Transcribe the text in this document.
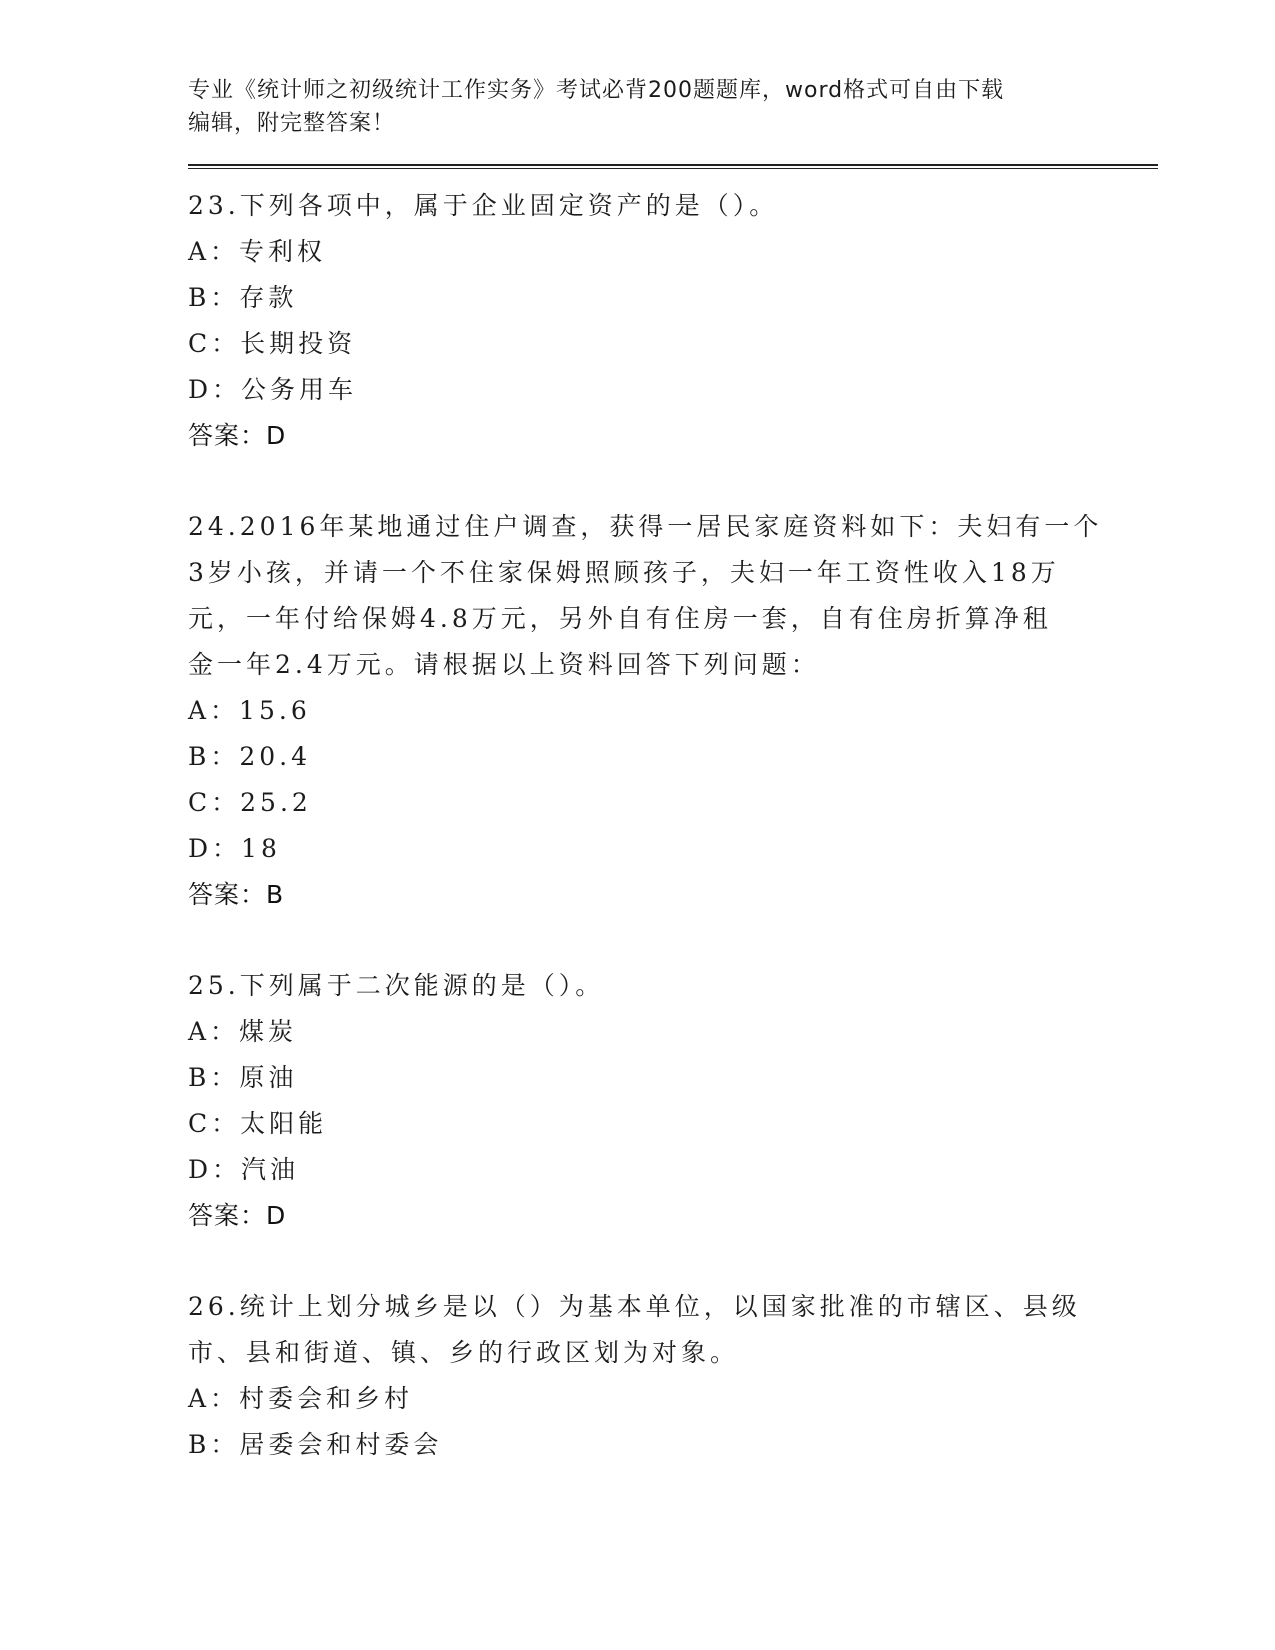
专业《统计师之初级统计工作实务》考试必背200题题库，word格式可自由下载
编辑，附完整答案！
23.下列各项中，属于企业固定资产的是（）。
A：专利权
B：存款
C：长期投资
D：公务用车
答案：D
24.2016年某地通过住户调查，获得一居民家庭资料如下：夫妇有一个
3岁小孩，并请一个不住家保姆照顾孩子，夫妇一年工资性收入18万
元，一年付给保姆4.8万元，另外自有住房一套，自有住房折算净租
金一年2.4万元。请根据以上资料回答下列问题：
A：15.6
B：20.4
C：25.2
D：18
答案：B
25.下列属于二次能源的是（）。
A：煤炭
B：原油
C：太阳能
D：汽油
答案：D
26.统计上划分城乡是以（）为基本单位，以国家批准的市辖区、县级
市、县和街道、镇、乡的行政区划为对象。
A：村委会和乡村
B：居委会和村委会
